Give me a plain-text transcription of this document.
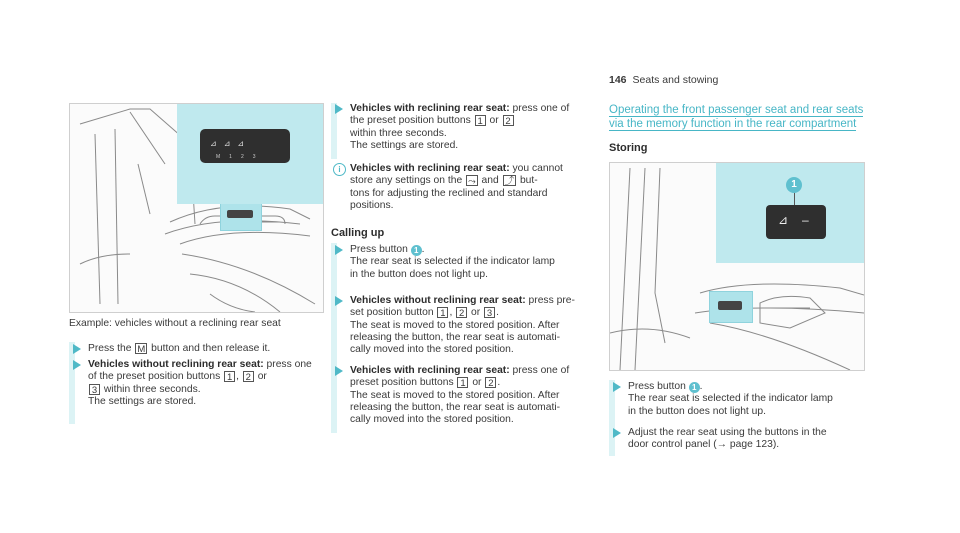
146 Seats and stowing
⊿⊿⊿
M123
Example: vehicles without a reclining rear seat
Press the M button and then release it.
Vehicles without reclining rear seat: press one
of the preset position buttons 1 , 2 or
3 within three seconds.
The settings are stored.
Vehicles with reclining rear seat: press one of
the preset position buttons 1 or 2
within three seconds.
The settings are stored.
i Vehicles with reclining rear seat: you cannot
store any settings on the ⤳ and ⤴ but-
tons for adjusting the reclined and standard
positions.
Calling up
Press button 1 .
The rear seat is selected if the indicator lamp
in the button does not light up.
Vehicles without reclining rear seat: press pre-
set position button 1 , 2 or 3 .
The seat is moved to the stored position. After
releasing the button, the rear seat is automati-
cally moved into the stored position.
Vehicles with reclining rear seat: press one of
preset position buttons 1 or 2 .
The seat is moved to the stored position. After
releasing the button, the rear seat is automati-
cally moved into the stored position.
Operating the front passenger seat and rear seats
via the memory function in the rear compartment
Storing
1
⊿ –
Press button 1 .
The rear seat is selected if the indicator lamp
in the button does not light up.
Adjust the rear seat using the buttons in the
door control panel (→ page 123).
